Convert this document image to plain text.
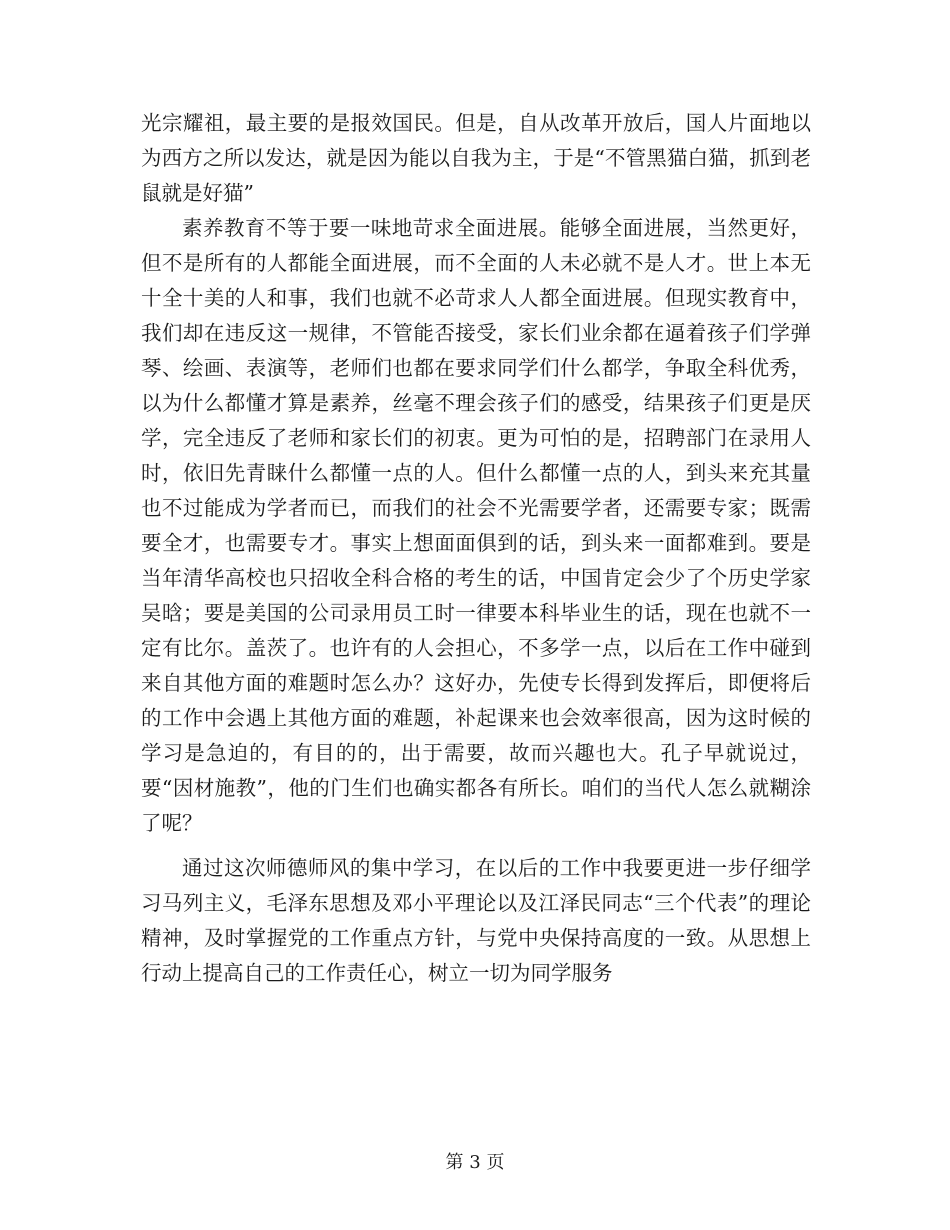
光宗耀祖，最主要的是报效国民。但是，自从改革开放后，国人片面地以为西方之所以发达，就是因为能以自我为主，于是“不管黑猫白猫，抓到老鼠就是好猫”

素养教育不等于要一味地苛求全面进展。能够全面进展，当然更好，但不是所有的人都能全面进展，而不全面的人未必就不是人才。世上本无十全十美的人和事，我们也就不必苛求人人都全面进展。但现实教育中，我们却在违反这一规律，不管能否接受，家长们业余都在逼着孩子们学弹琴、绘画、表演等，老师们也都在要求同学们什么都学，争取全科优秀，以为什么都懂才算是素养，丝毫不理会孩子们的感受，结果孩子们更是厌学，完全违反了老师和家长们的初衷。更为可怕的是，招聘部门在录用人时，依旧先青睐什么都懂一点的人。但什么都懂一点的人，到头来充其量也不过能成为学者而已，而我们的社会不光需要学者，还需要专家；既需要全才，也需要专才。事实上想面面俱到的话，到头来一面都难到。要是当年清华高校也只招收全科合格的考生的话，中国肯定会少了个历史学家吴晗；要是美国的公司录用员工时一律要本科毕业生的话，现在也就不一定有比尔。盖茨了。也许有的人会担心，不多学一点，以后在工作中碰到来自其他方面的难题时怎么办？这好办，先使专长得到发挥后，即便将后的工作中会遇上其他方面的难题，补起课来也会效率很高，因为这时候的学习是急迫的，有目的的，出于需要，故而兴趣也大。孔子早就说过，要“因材施教”，他的门生们也确实都各有所长。咱们的当代人怎么就糊涂了呢？

通过这次师德师风的集中学习，在以后的工作中我要更进一步仔细学习马列主义，毛泽东思想及邓小平理论以及江泽民同志“三个代表”的理论精神，及时掌握党的工作重点方针，与党中央保持高度的一致。从思想上行动上提高自己的工作责任心，树立一切为同学服务

第 3 页
